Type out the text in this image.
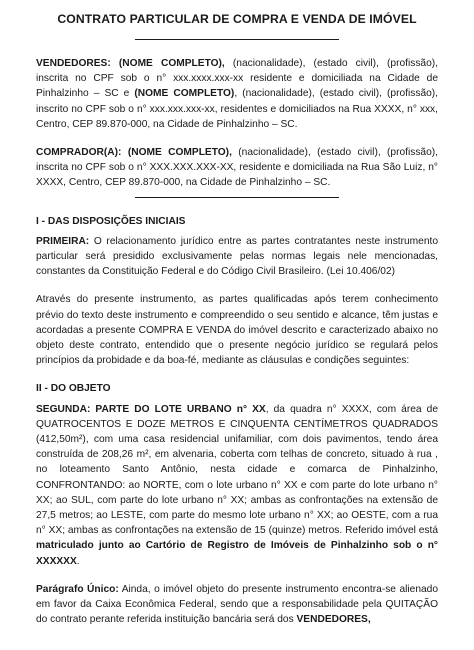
CONTRATO PARTICULAR DE COMPRA E VENDA DE IMÓVEL

VENDEDORES: (NOME COMPLETO), (nacionalidade), (estado civil), (profissão), inscrita no CPF sob o n° xxx.xxxx.xxx-xx residente e domiciliada na Cidade de Pinhalzinho – SC e (NOME COMPLETO), (nacionalidade), (estado civil), (profissão), inscrito no CPF sob o n° xxx.xxx.xxx-xx, residentes e domiciliados na Rua XXXX, n° xxx, Centro, CEP 89.870-000, na Cidade de Pinhalzinho – SC.

COMPRADOR(A): (NOME COMPLETO), (nacionalidade), (estado civil), (profissão), inscrita no CPF sob o n° XXX.XXX.XXX-XX, residente e domiciliada na Rua São Luiz, n° XXXX, Centro, CEP 89.870-000, na Cidade de Pinhalzinho – SC.

I - DAS DISPOSIÇÕES INICIAIS

PRIMEIRA: O relacionamento jurídico entre as partes contratantes neste instrumento particular será presidido exclusivamente pelas normas legais nele mencionadas, constantes da Constituição Federal e do Código Civil Brasileiro. (Lei 10.406/02)

Através do presente instrumento, as partes qualificadas após terem conhecimento prévio do texto deste instrumento e compreendido o seu sentido e alcance, têm justas e acordadas a presente COMPRA E VENDA do imóvel descrito e caracterizado abaixo no objeto deste contrato, entendido que o presente negócio jurídico se regulará pelos princípios da probidade e da boa-fé, mediante as cláusulas e condições seguintes:

II - DO OBJETO

SEGUNDA: PARTE DO LOTE URBANO n° XX, da quadra n° XXXX, com área de QUATROCENTOS E DOZE METROS E CINQUENTA CENTÍMETROS QUADRADOS (412,50m²), com uma casa residencial unifamiliar, com dois pavimentos, tendo área construída de 208,26 m², em alvenaria, coberta com telhas de concreto, situado à rua , no loteamento Santo Antônio, nesta cidade e comarca de Pinhalzinho, CONFRONTANDO: ao NORTE, com o lote urbano n° XX e com parte do lote urbano n° XX; ao SUL, com parte do lote urbano n° XX; ambas as confrontações na extensão de 27,5 metros; ao LESTE, com parte do mesmo lote urbano n° XX; ao OESTE, com a rua n° XX; ambas as confrontações na extensão de 15 (quinze) metros. Referido imóvel está matriculado junto ao Cartório de Registro de Imóveis de Pinhalzinho sob o n° XXXXXX.

Parágrafo Único: Ainda, o imóvel objeto do presente instrumento encontra-se alienado em favor da Caixa Econômica Federal, sendo que a responsabilidade pela QUITAÇÃO do contrato perante referida instituição bancária será dos VENDEDORES,
